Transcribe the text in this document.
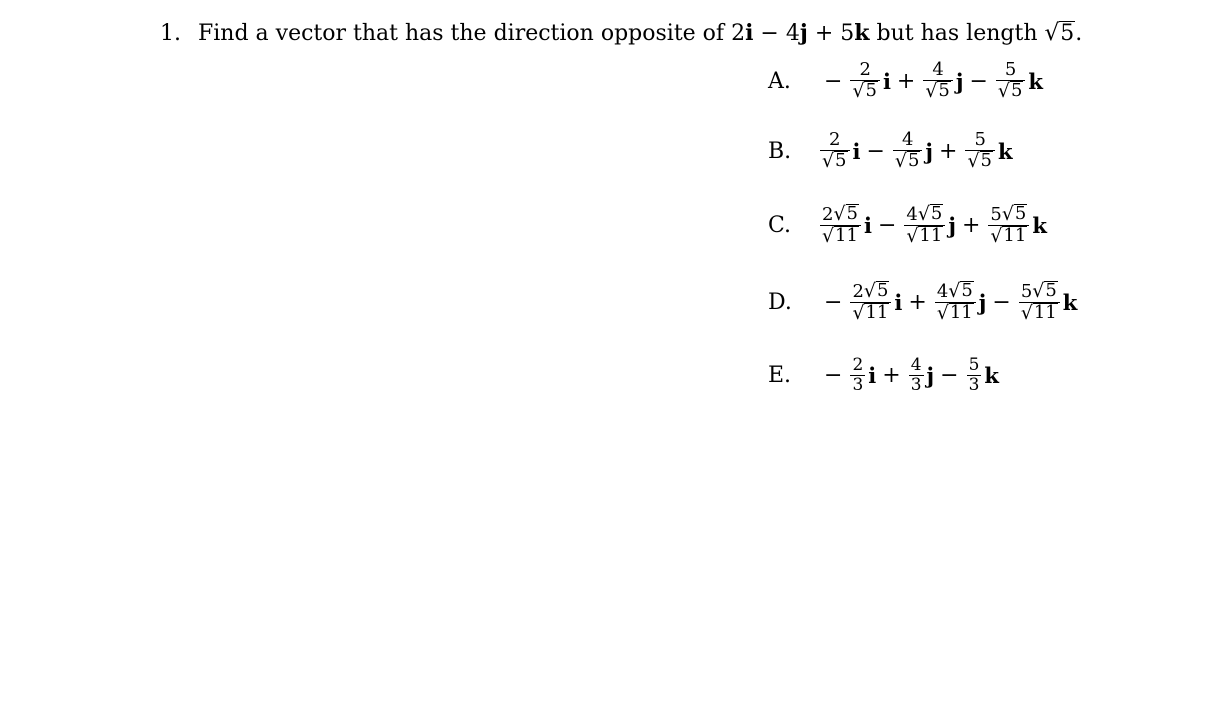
1. Find a vector that has the direction opposite of 2i − 4j + 5k but has length √ 5 .
A.	− $\frac{2}{√ 5}$ $i + \frac{4}{√ 5}$ $j - \frac{5}{√ 5}$ k
B.	$\frac{2}{√ 5}$ $i - \frac{4}{√ 5}$ $j + \frac{5}{√ 5}$ k
C.	$\frac{2 √ 5}{√ 11}$ $i - \frac{4 √ 5}{√ 11}$ $j + \frac{5 √ 5}{√ 11}$ k
D.	− $\frac{2 √ 5}{√ 11}$ $i + \frac{4 √ 5}{√ 11}$ $j - \frac{5 √ 5}{√ 11}$ k
E.	− $\frac{2}{3}$ $i + \frac{4}{3}$ $j - \frac{5}{3}$ k
